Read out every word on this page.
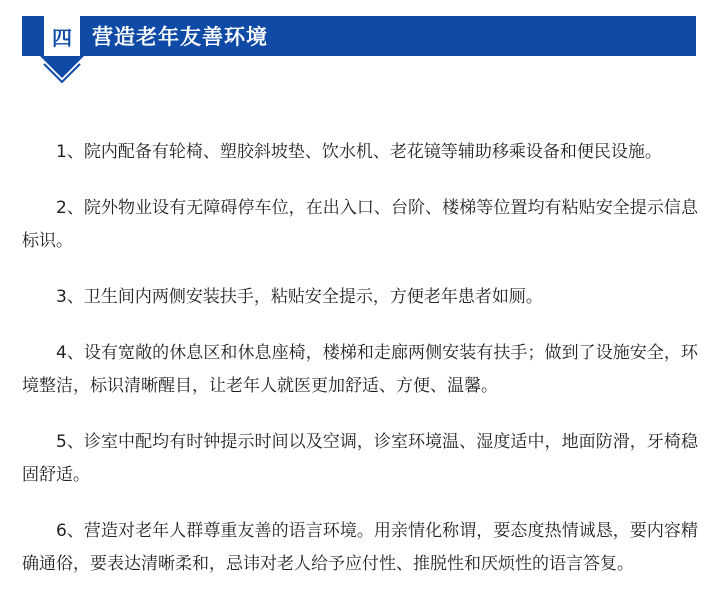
四 营造老年友善环境

1、院内配备有轮椅、塑胶斜坡垫、饮水机、老花镜等辅助移乘设备和便民设施。

2、院外物业设有无障碍停车位，在出入口、台阶、楼梯等位置均有粘贴安全提示信息标识。

3、卫生间内两侧安装扶手，粘贴安全提示，方便老年患者如厕。

4、设有宽敞的休息区和休息座椅，楼梯和走廊两侧安装有扶手；做到了设施安全，环境整洁，标识清晰醒目，让老年人就医更加舒适、方便、温馨。

5、诊室中配均有时钟提示时间以及空调，诊室环境温、湿度适中，地面防滑，牙椅稳固舒适。

6、营造对老年人群尊重友善的语言环境。用亲情化称谓，要态度热情诚恳，要内容精确通俗，要表达清晰柔和，忌讳对老人给予应付性、推脱性和厌烦性的语言答复。
